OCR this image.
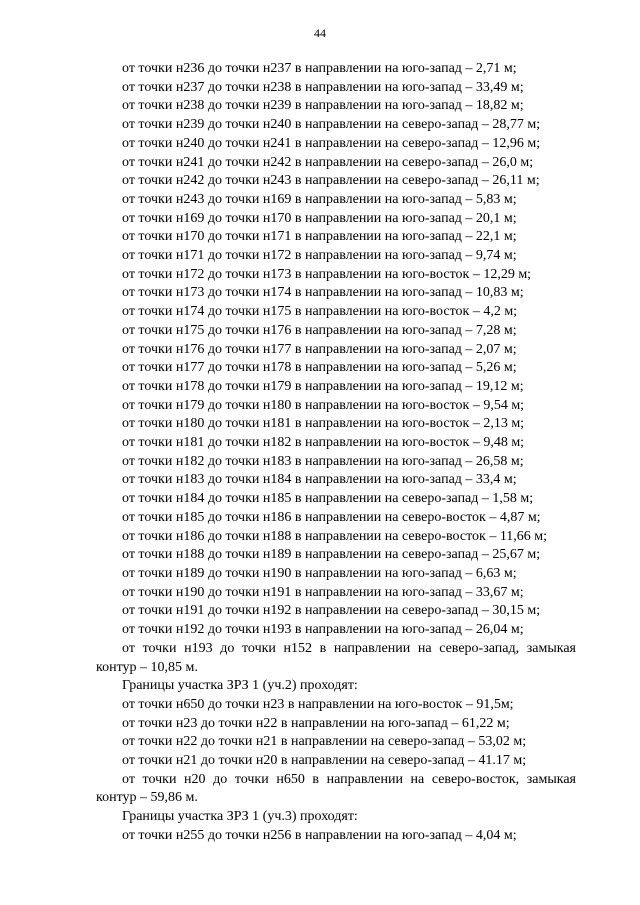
44
от точки н236 до точки н237 в направлении на юго-запад – 2,71 м;
от точки н237 до точки н238 в направлении на юго-запад – 33,49 м;
от точки н238 до точки н239 в направлении на юго-запад – 18,82 м;
от точки н239 до точки н240 в направлении на северо-запад – 28,77 м;
от точки н240 до точки н241 в направлении на северо-запад – 12,96 м;
от точки н241 до точки н242 в направлении на северо-запад – 26,0 м;
от точки н242 до точки н243 в направлении на северо-запад – 26,11 м;
от точки н243 до точки н169 в направлении на юго-запад – 5,83 м;
от точки н169 до точки н170 в направлении на юго-запад – 20,1 м;
от точки н170 до точки н171 в направлении на юго-запад – 22,1 м;
от точки н171 до точки н172 в направлении на юго-запад – 9,74 м;
от точки н172 до точки н173 в направлении на юго-восток – 12,29 м;
от точки н173 до точки н174 в направлении на юго-запад – 10,83 м;
от точки н174 до точки н175 в направлении на юго-восток – 4,2 м;
от точки н175 до точки н176 в направлении на юго-запад – 7,28 м;
от точки н176 до точки н177 в направлении на юго-запад – 2,07 м;
от точки н177 до точки н178 в направлении на юго-запад – 5,26 м;
от точки н178 до точки н179 в направлении на юго-запад – 19,12 м;
от точки н179 до точки н180 в направлении на юго-восток – 9,54 м;
от точки н180 до точки н181 в направлении на юго-восток – 2,13 м;
от точки н181 до точки н182 в направлении на юго-восток – 9,48 м;
от точки н182 до точки н183 в направлении на юго-запад – 26,58 м;
от точки н183 до точки н184 в направлении на юго-запад – 33,4 м;
от точки н184 до точки н185 в направлении на северо-запад – 1,58 м;
от точки н185 до точки н186 в направлении на северо-восток – 4,87 м;
от точки н186 до точки н188 в направлении на северо-восток – 11,66 м;
от точки н188 до точки н189 в направлении на северо-запад – 25,67 м;
от точки н189 до точки н190 в направлении на юго-запад – 6,63 м;
от точки н190 до точки н191 в направлении на юго-запад – 33,67 м;
от точки н191 до точки н192 в направлении на северо-запад – 30,15 м;
от точки н192 до точки н193 в направлении на юго-запад – 26,04 м;
от точки н193 до точки н152 в направлении на северо-запад, замыкая контур – 10,85 м.
Границы участка ЗРЗ 1 (уч.2) проходят:
от точки н650 до точки н23 в направлении на юго-восток – 91,5м;
от точки н23 до точки н22 в направлении на юго-запад – 61,22 м;
от точки н22 до точки н21 в направлении на северо-запад – 53,02 м;
от точки н21 до точки н20 в направлении на северо-запад – 41.17 м;
от точки н20 до точки н650 в направлении на северо-восток, замыкая контур – 59,86 м.
Границы участка ЗРЗ 1 (уч.3) проходят:
от точки н255 до точки н256 в направлении на юго-запад – 4,04 м;
